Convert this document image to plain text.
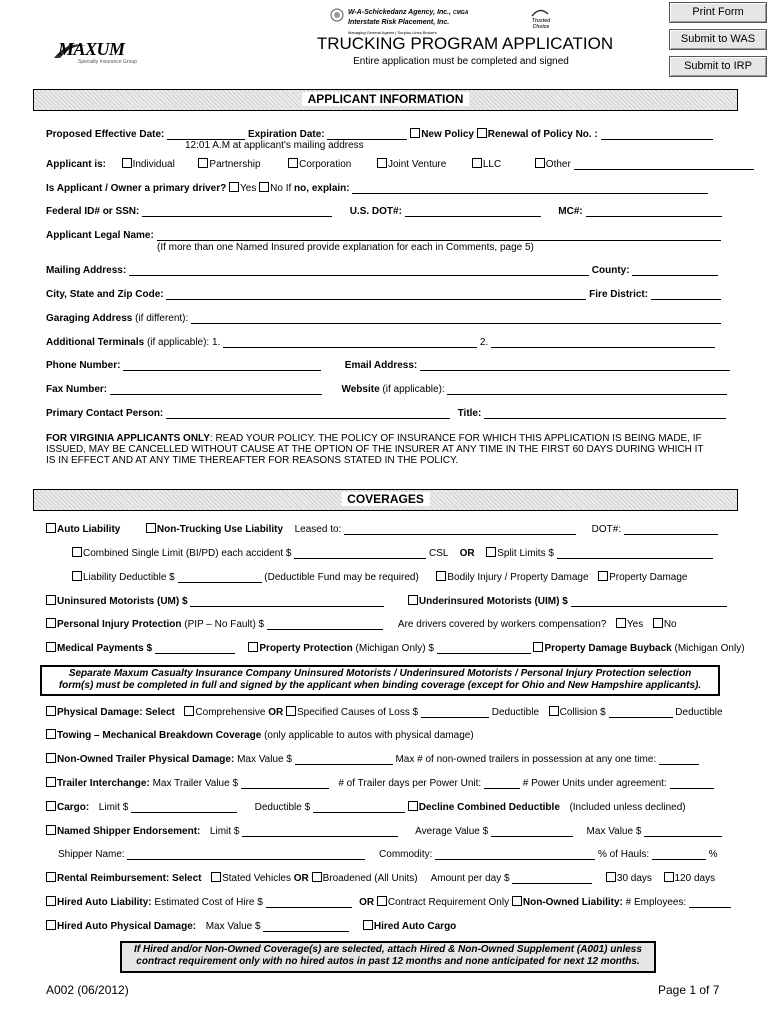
MAXUM
Specialty Insurance Group
W-A-Schickedanz Agency, Inc., CMGA
Interstate Risk Placement, Inc.
Managing General Agents | Surplus Lines Brokers
Trusted Choice
TRUCKING PROGRAM APPLICATION
Entire application must be completed and signed
Print Form
Submit to WAS
Submit to IRP
APPLICANT INFORMATION
Proposed Effective Date:	Expiration Date:	New Policy Renewal of Policy No. :
12:01 A.M at applicant's mailing address
Applicant is:	Individual	Partnership	Corporation	Joint Venture	LLC	Other
Is Applicant / Owner a primary driver? Yes No If no, explain:
Federal ID# or SSN:	U.S. DOT#:	MC#:
Applicant Legal Name:
(If more than one Named Insured provide explanation for each in Comments, page 5)
Mailing Address:	County:
City, State and Zip Code:	Fire District:
Garaging Address (if different):
Additional Terminals (if applicable): 1.	2.
Phone Number:	Email Address:
Fax Number:	Website (if applicable):
Primary Contact Person:	Title:
FOR VIRGINIA APPLICANTS ONLY: READ YOUR POLICY. THE POLICY OF INSURANCE FOR WHICH THIS APPLICATION IS BEING MADE, IF
ISSUED, MAY BE CANCELLED WITHOUT CAUSE AT THE OPTION OF THE INSURER AT ANY TIME IN THE FIRST 60 DAYS DURING WHICH IT
IS IN EFFECT AND AT ANY TIME THEREAFTER FOR REASONS STATED IN THE POLICY.
COVERAGES
Auto Liability	Non-Trucking Use Liability Leased to:	DOT#:
Combined Single Limit (BI/PD) each accident $	CSL OR Split Limits $
Liability Deductible $	(Deductible Fund may be required)	Bodily Injury / Property Damage Property Damage
Uninsured Motorists (UM) $	Underinsured Motorists (UIM) $
Personal Injury Protection (PIP – No Fault) $	Are drivers covered by workers compensation? Yes No
Medical Payments $	Property Protection (Michigan Only) $	Property Damage Buyback (Michigan Only)
Separate Maxum Casualty Insurance Company Uninsured Motorists / Underinsured Motorists / Personal Injury Protection selection
form(s) must be completed in full and signed by the applicant when binding coverage (except for Ohio and New Hampshire applicants).
Physical Damage: Select Comprehensive OR Specified Causes of Loss $	Deductible Collision $	Deductible
Towing – Mechanical Breakdown Coverage (only applicable to autos with physical damage)
Non-Owned Trailer Physical Damage: Max Value $	Max # of non-owned trailers in possession at any one time:
Trailer Interchange: Max Trailer Value $	# of Trailer days per Power Unit:	# Power Units under agreement:
Cargo: Limit $	Deductible $	Decline Combined Deductible (Included unless declined)
Named Shipper Endorsement: Limit $	Average Value $	Max Value $
Shipper Name:	Commodity:	% of Hauls:	%
Rental Reimbursement: Select Stated Vehicles OR Broadened (All Units) Amount per day $	30 days 120 days
Hired Auto Liability: Estimated Cost of Hire $	OR Contract Requirement Only Non-Owned Liability: # Employees:
Hired Auto Physical Damage: Max Value $	Hired Auto Cargo
If Hired and/or Non-Owned Coverage(s) are selected, attach Hired & Non-Owned Supplement (A001) unless
contract requirement only with no hired autos in past 12 months and none anticipated for next 12 months.
A002 (06/2012)	Page 1 of 7
